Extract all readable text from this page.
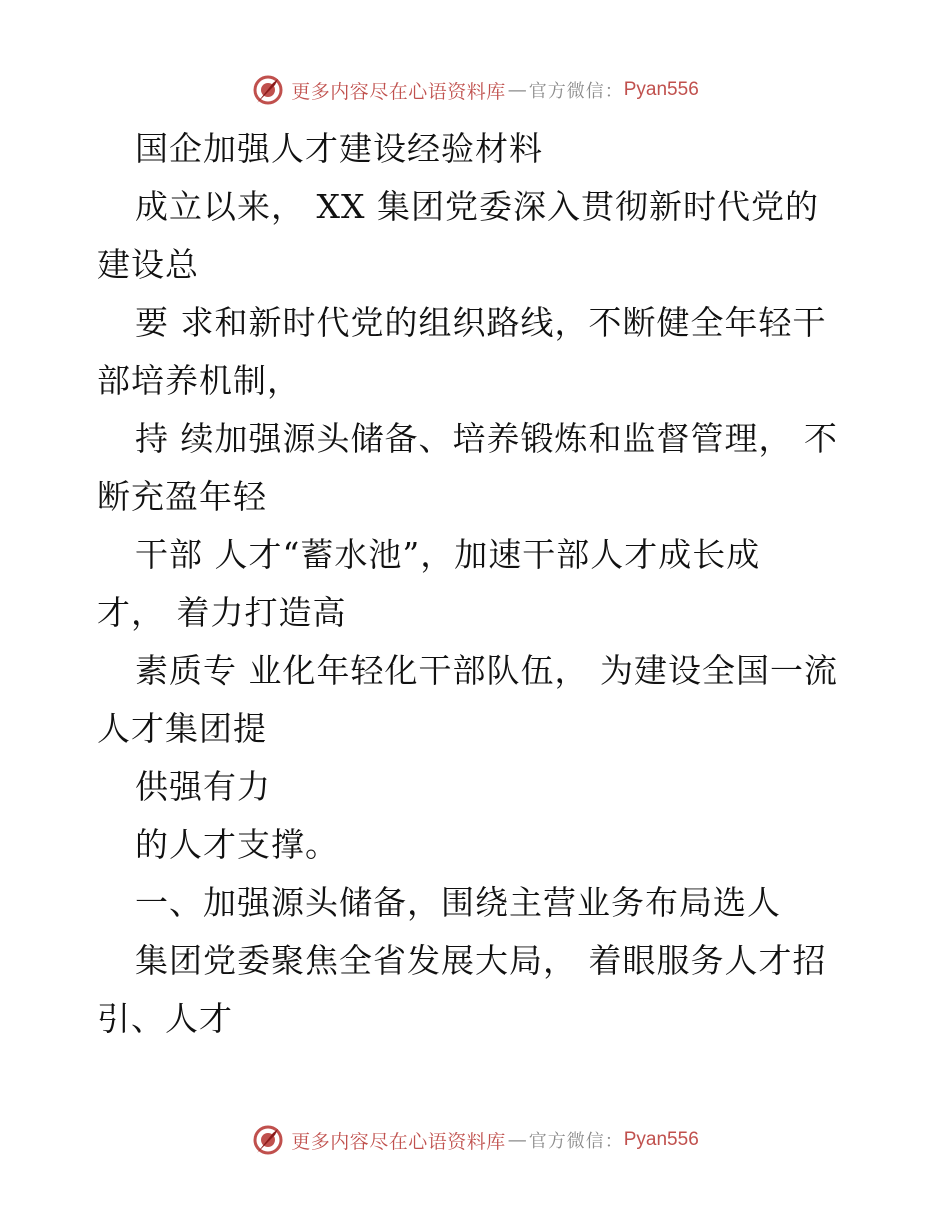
更多内容尽在心语资料库 — 官方微信： Pyan556
国企加强人才建设经验材料
成立以来， XX 集团党委深入贯彻新时代党的
建设总
要 求和新时代党的组织路线，不断健全年轻干
部培养机制，
持 续加强源头储备、培养锻炼和监督管理， 不
断充盈年轻
干部 人才“蓄水池”，加速干部人才成长成
才， 着力打造高
素质专 业化年轻化干部队伍， 为建设全国一流
人才集团提
供强有力
的人才支撑。
一、加强源头储备，围绕主营业务布局选人
集团党委聚焦全省发展大局， 着眼服务人才招
引、人才
更多内容尽在心语资料库 — 官方微信： Pyan556
